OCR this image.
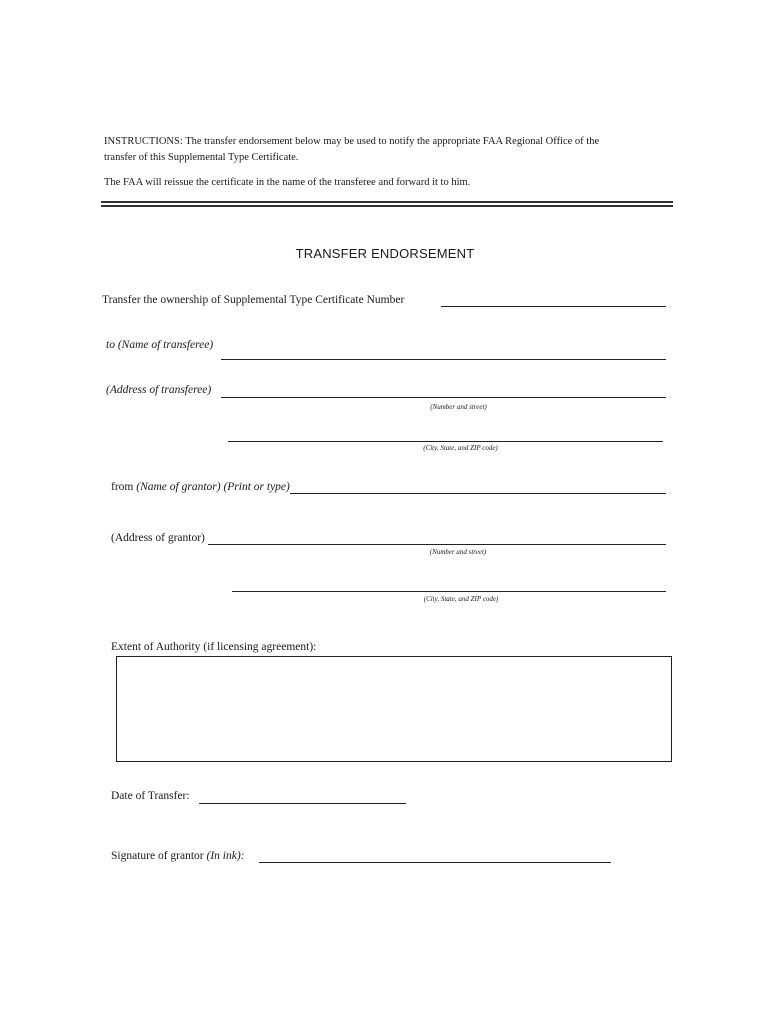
INSTRUCTIONS: The transfer endorsement below may be used to notify the appropriate FAA Regional Office of the
transfer of this Supplemental Type Certificate.
The FAA will reissue the certificate in the name of the transferee and forward it to him.
TRANSFER ENDORSEMENT
Transfer the ownership of Supplemental Type Certificate Number
to (Name of transferee)
(Address of transferee)
(Number and street)
(City, State, and ZIP code)
from (Name of grantor) (Print or type)
(Address of grantor)
(Number and street)
(City, State, and ZIP code)
Extent of Authority (if licensing agreement):
Date of Transfer:
Signature of grantor (In ink):
